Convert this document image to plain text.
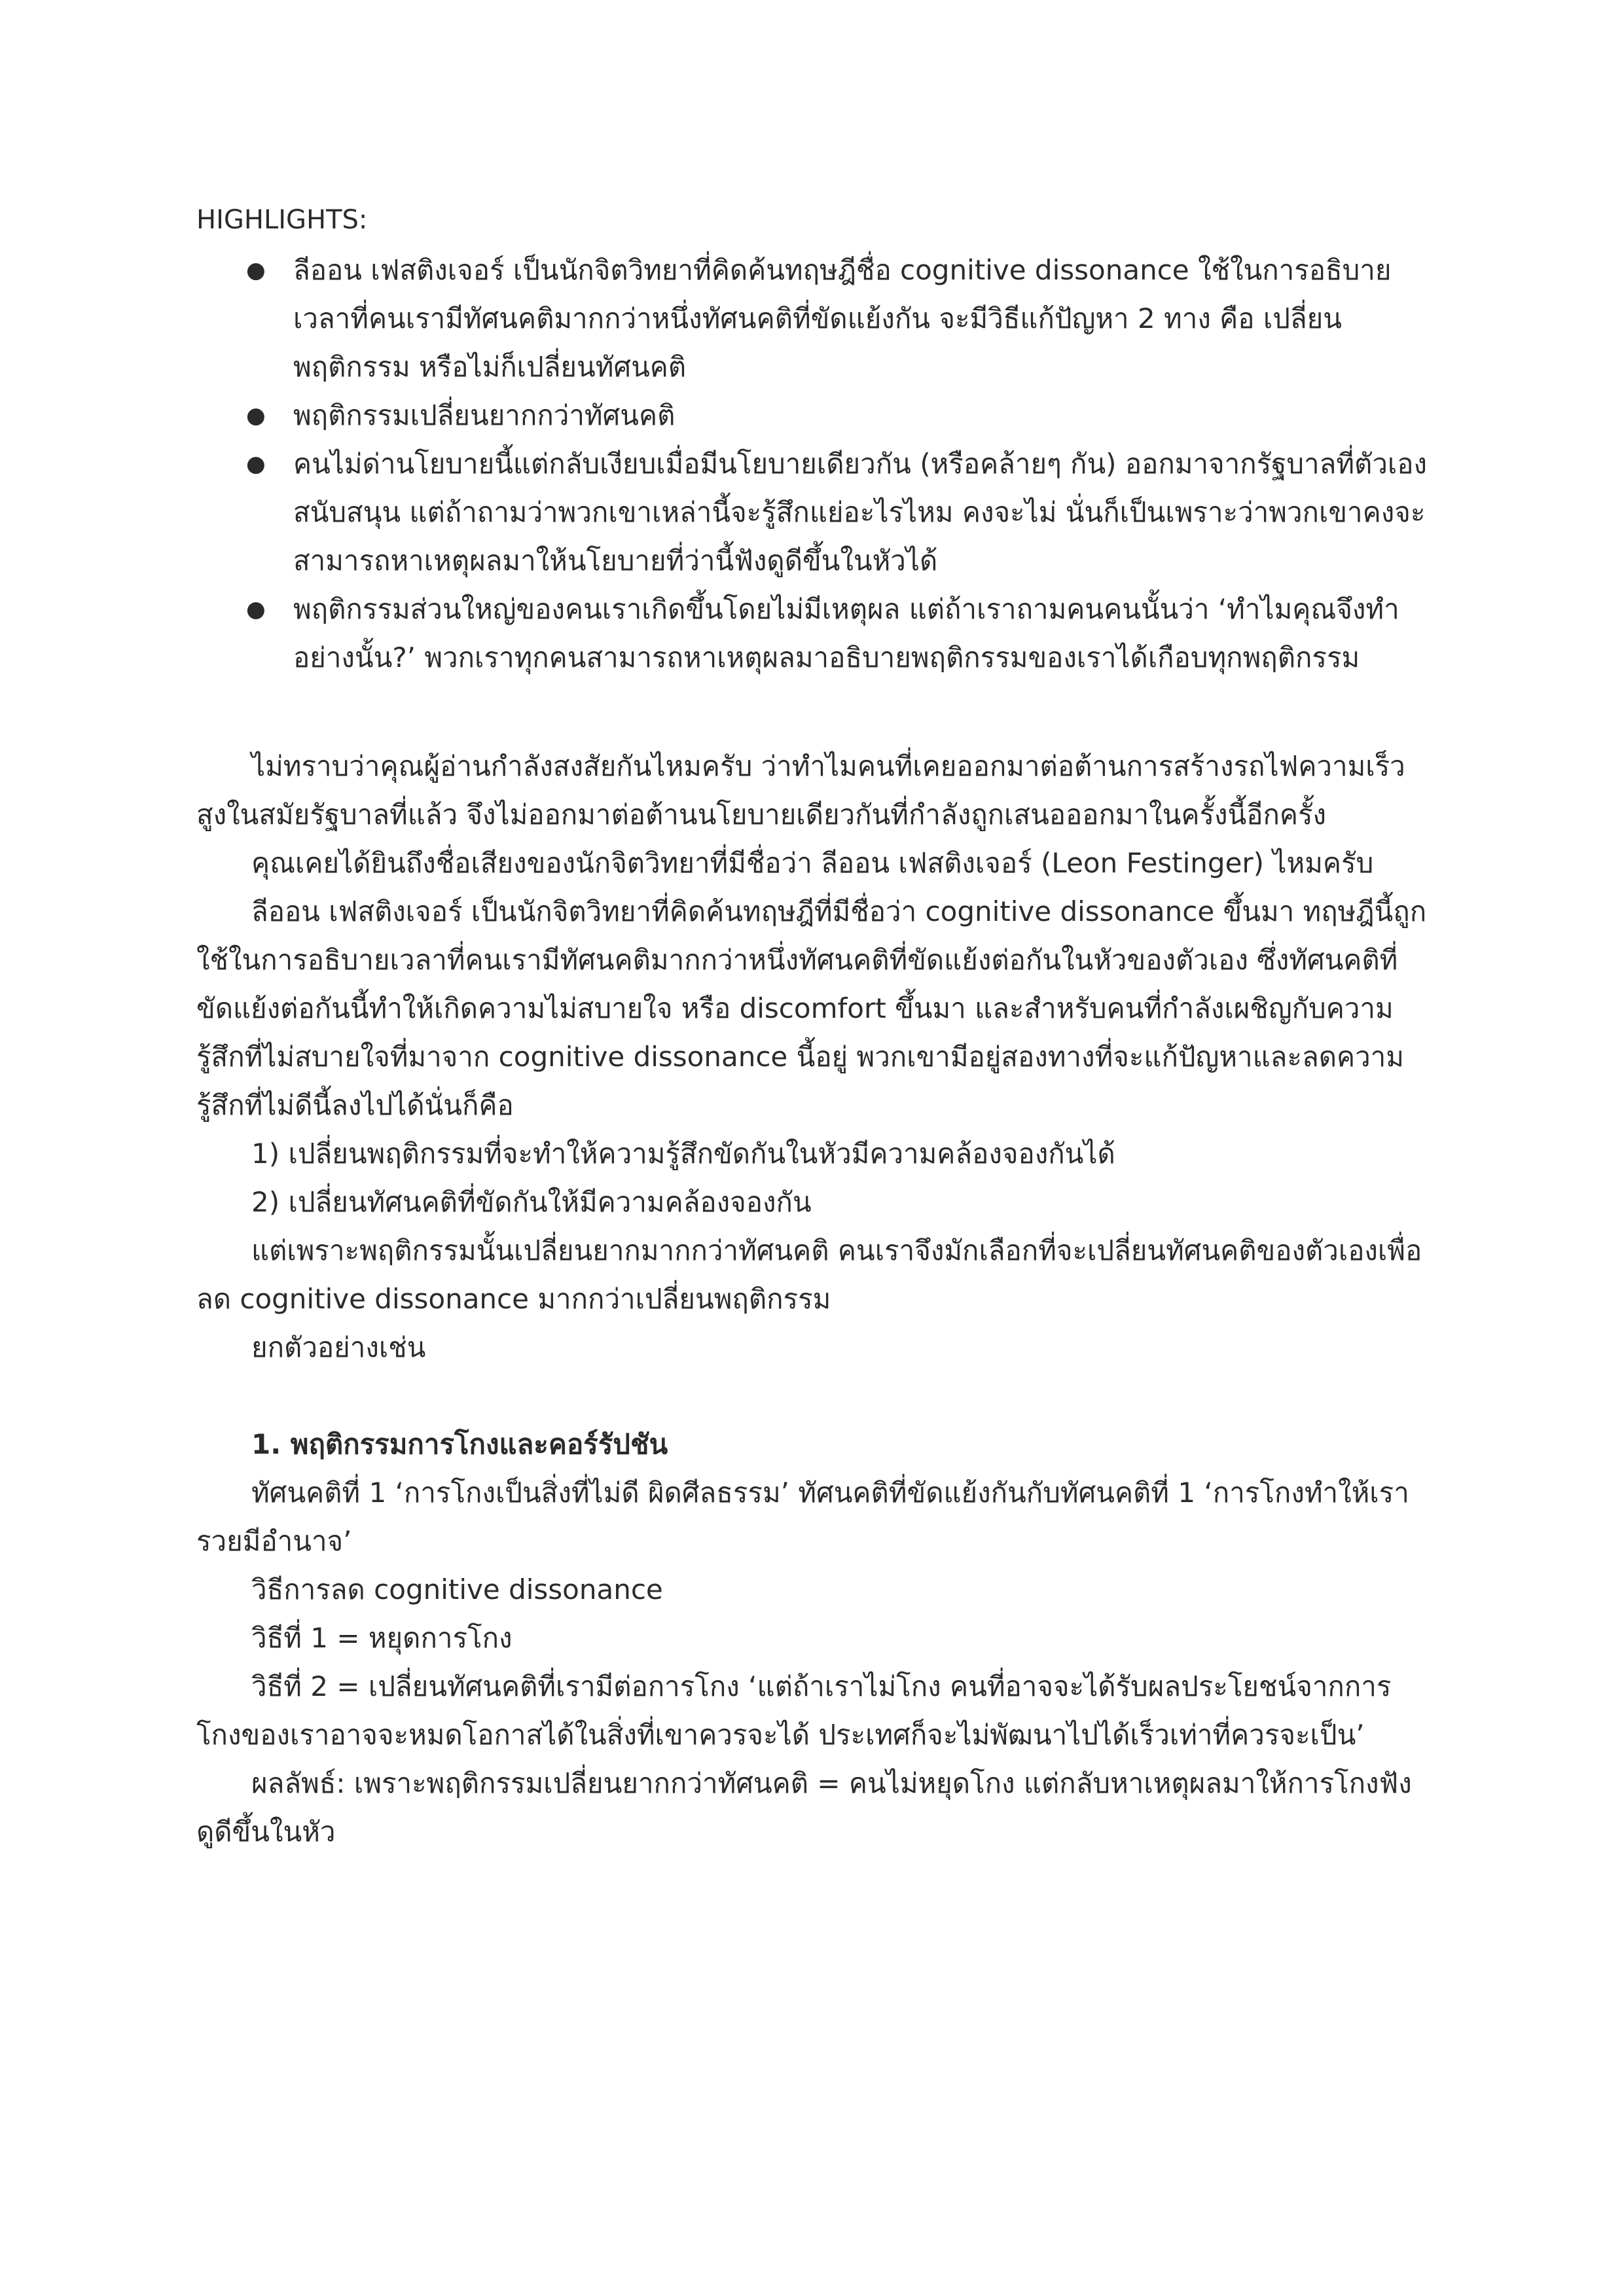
HIGHLIGHTS:

● ลีออน เฟสติงเจอร์ เป็นนักจิตวิทยาที่คิดค้นทฤษฎีชื่อ cognitive dissonance ใช้ในการอธิบายเวลาที่คนเรามีทัศนคติมากกว่าหนึ่งทัศนคติที่ขัดแย้งกัน จะมีวิธีแก้ปัญหา 2 ทาง คือ เปลี่ยนพฤติกรรม หรือไม่ก็เปลี่ยนทัศนคติ
● พฤติกรรมเปลี่ยนยากกว่าทัศนคติ
● คนไม่ด่านโยบายนี้แต่กลับเงียบเมื่อมีนโยบายเดียวกัน (หรือคล้ายๆ กัน) ออกมาจากรัฐบาลที่ตัวเองสนับสนุน แต่ถ้าถามว่าพวกเขาเหล่านี้จะรู้สึกแย่อะไรไหม คงจะไม่ นั่นก็เป็นเพราะว่าพวกเขาคงจะสามารถหาเหตุผลมาให้นโยบายที่ว่านี้ฟังดูดีขึ้นในหัวได้
● พฤติกรรมส่วนใหญ่ของคนเราเกิดขึ้นโดยไม่มีเหตุผล แต่ถ้าเราถามคนคนนั้นว่า ‘ทำไมคุณจึงทำอย่างนั้น?’ พวกเราทุกคนสามารถหาเหตุผลมาอธิบายพฤติกรรมของเราได้เกือบทุกพฤติกรรม

ไม่ทราบว่าคุณผู้อ่านกำลังสงสัยกันไหมครับ ว่าทำไมคนที่เคยออกมาต่อต้านการสร้างรถไฟความเร็วสูงในสมัยรัฐบาลที่แล้ว จึงไม่ออกมาต่อต้านนโยบายเดียวกันที่กำลังถูกเสนอออกมาในครั้งนี้อีกครั้ง

คุณเคยได้ยินถึงชื่อเสียงของนักจิตวิทยาที่มีชื่อว่า ลีออน เฟสติงเจอร์ (Leon Festinger) ไหมครับ

ลีออน เฟสติงเจอร์ เป็นนักจิตวิทยาที่คิดค้นทฤษฎีที่มีชื่อว่า cognitive dissonance ขึ้นมา ทฤษฎีนี้ถูกใช้ในการอธิบายเวลาที่คนเรามีทัศนคติมากกว่าหนึ่งทัศนคติที่ขัดแย้งต่อกันในหัวของตัวเอง ซึ่งทัศนคติที่ขัดแย้งต่อกันนี้ทำให้เกิดความไม่สบายใจ หรือ discomfort ขึ้นมา และสำหรับคนที่กำลังเผชิญกับความรู้สึกที่ไม่สบายใจที่มาจาก cognitive dissonance นี้อยู่ พวกเขามีอยู่สองทางที่จะแก้ปัญหาและลดความรู้สึกที่ไม่ดีนี้ลงไปได้นั่นก็คือ

1) เปลี่ยนพฤติกรรมที่จะทำให้ความรู้สึกขัดกันในหัวมีความคล้องจองกันได้

2) เปลี่ยนทัศนคติที่ขัดกันให้มีความคล้องจองกัน

แต่เพราะพฤติกรรมนั้นเปลี่ยนยากมากกว่าทัศนคติ คนเราจึงมักเลือกที่จะเปลี่ยนทัศนคติของตัวเองเพื่อลด cognitive dissonance มากกว่าเปลี่ยนพฤติกรรม

ยกตัวอย่างเช่น

1. พฤติกรรมการโกงและคอร์รัปชัน

ทัศนคติที่ 1 ‘การโกงเป็นสิ่งที่ไม่ดี ผิดศีลธรรม’ ทัศนคติที่ขัดแย้งกันกับทัศนคติที่ 1 ‘การโกงทำให้เรารวยมีอำนาจ’

วิธีการลด cognitive dissonance

วิธีที่ 1 = หยุดการโกง

วิธีที่ 2 = เปลี่ยนทัศนคติที่เรามีต่อการโกง ‘แต่ถ้าเราไม่โกง คนที่อาจจะได้รับผลประโยชน์จากการโกงของเราอาจจะหมดโอกาสได้ในสิ่งที่เขาควรจะได้ ประเทศก็จะไม่พัฒนาไปได้เร็วเท่าที่ควรจะเป็น’

ผลลัพธ์: เพราะพฤติกรรมเปลี่ยนยากกว่าทัศนคติ = คนไม่หยุดโกง แต่กลับหาเหตุผลมาให้การโกงฟังดูดีขึ้นในหัว
